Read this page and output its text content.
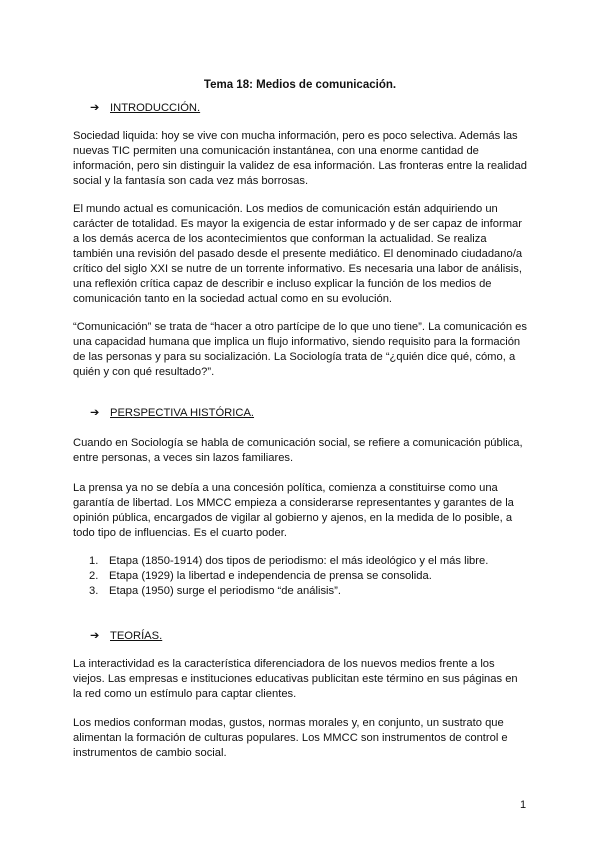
Tema 18: Medios de comunicación.
➔ INTRODUCCIÓN.
Sociedad liquida: hoy se vive con mucha información, pero es poco selectiva. Además las nuevas TIC permiten una comunicación instantánea, con una enorme cantidad de información, pero sin distinguir la validez de esa información. Las fronteras entre la realidad social y la fantasía son cada vez más borrosas.
El mundo actual es comunicación. Los medios de comunicación están adquiriendo un carácter de totalidad. Es mayor la exigencia de estar informado y de ser capaz de informar a los demás acerca de los acontecimientos que conforman la actualidad. Se realiza también una revisión del pasado desde el presente mediático. El denominado ciudadano/a crítico del siglo XXI se nutre de un torrente informativo. Es necesaria una labor de análisis, una reflexión crítica capaz de describir e incluso explicar la función de los medios de comunicación tanto en la sociedad actual como en su evolución.
“Comunicación” se trata de “hacer a otro partícipe de lo que uno tiene”. La comunicación es una capacidad humana que implica un flujo informativo, siendo requisito para la formación de las personas y para su socialización. La Sociología trata de “¿quién dice qué, cómo, a quién y con qué resultado?”.
➔ PERSPECTIVA HISTÓRICA.
Cuando en Sociología se habla de comunicación social, se refiere a comunicación pública, entre personas, a veces sin lazos familiares.
La prensa ya no se debía a una concesión política, comienza a constituirse como una garantía de libertad. Los MMCC empieza a considerarse representantes y garantes de la opinión pública, encargados de vigilar al gobierno y ajenos, en la medida de lo posible, a todo tipo de influencias. Es el cuarto poder.
1. Etapa (1850-1914) dos tipos de periodismo: el más ideológico y el más libre.
2. Etapa (1929) la libertad e independencia de prensa se consolida.
3. Etapa (1950) surge el periodismo “de análisis”.
➔ TEORÍAS.
La interactividad es la característica diferenciadora de los nuevos medios frente a los viejos. Las empresas e instituciones educativas publicitan este término en sus páginas en la red como un estímulo para captar clientes.
Los medios conforman modas, gustos, normas morales y, en conjunto, un sustrato que alimentan la formación de culturas populares. Los MMCC son instrumentos de control e instrumentos de cambio social.
1
